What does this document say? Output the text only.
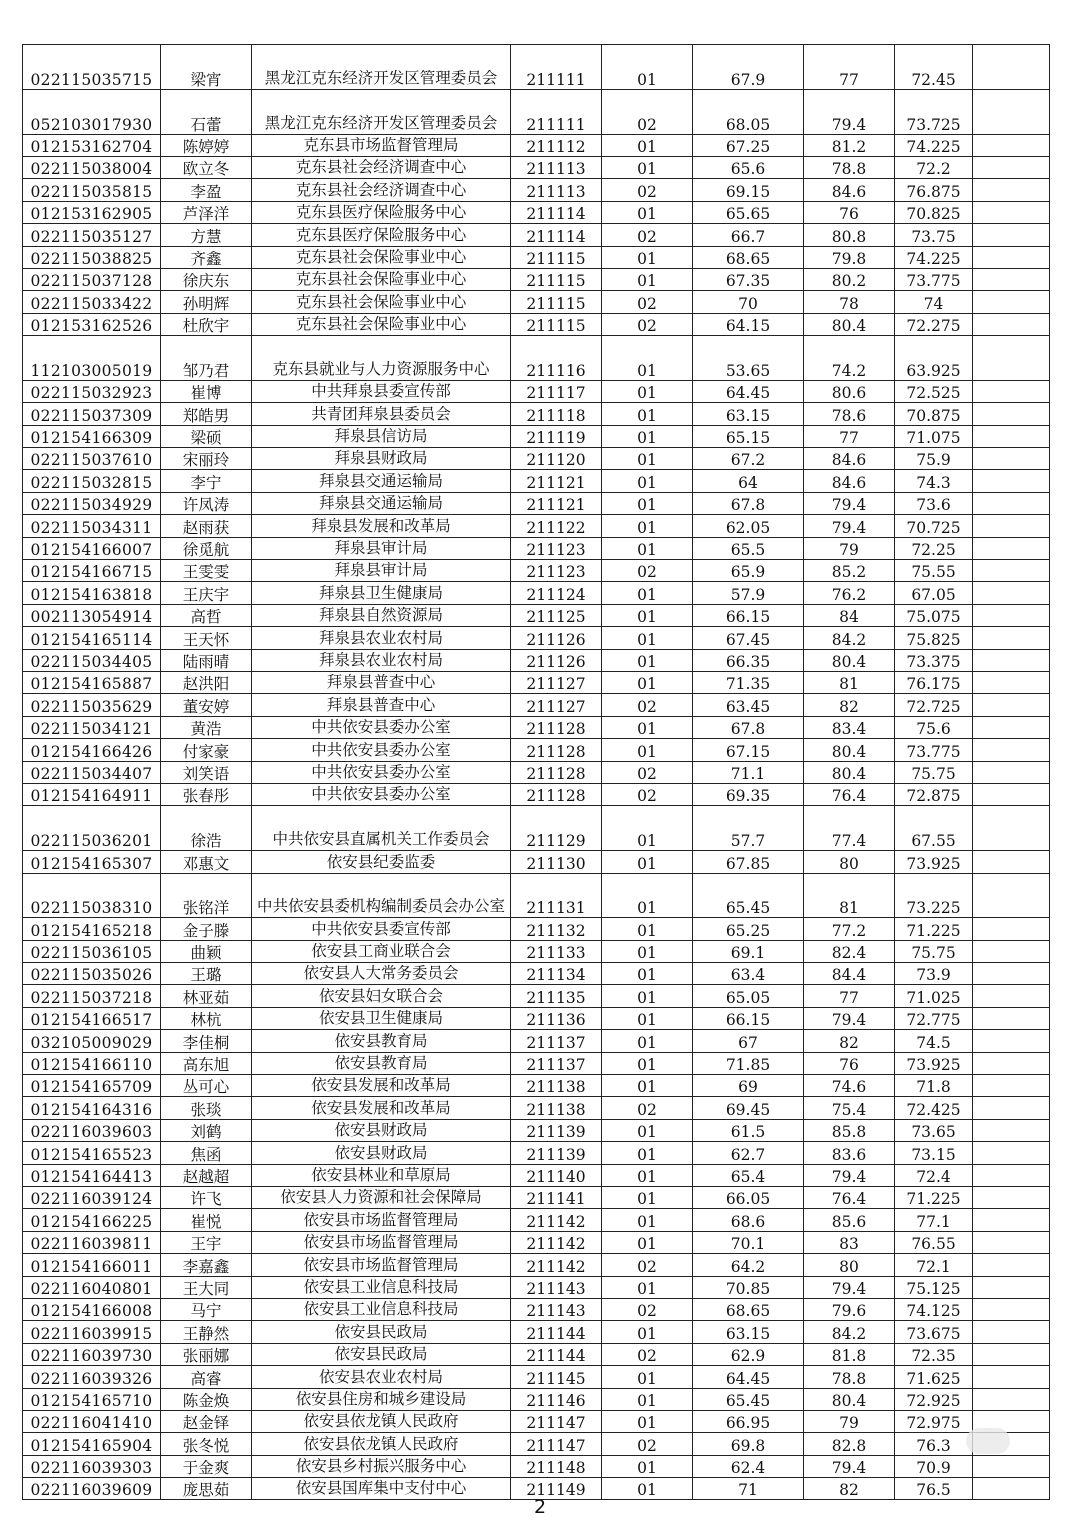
022115035715	梁宵	黑龙江克东经济开发区管理委员会	211111	01	67.9	77	72.45	
052103017930	石蕾	黑龙江克东经济开发区管理委员会	211111	02	68.05	79.4	73.725	
012153162704	陈婷婷	克东县市场监督管理局	211112	01	67.25	81.2	74.225	
022115038004	欧立冬	克东县社会经济调查中心	211113	01	65.6	78.8	72.2	
022115035815	李盈	克东县社会经济调查中心	211113	02	69.15	84.6	76.875	
012153162905	芦泽洋	克东县医疗保险服务中心	211114	01	65.65	76	70.825	
022115035127	方慧	克东县医疗保险服务中心	211114	02	66.7	80.8	73.75	
022115038825	齐鑫	克东县社会保险事业中心	211115	01	68.65	79.8	74.225	
022115037128	徐庆东	克东县社会保险事业中心	211115	01	67.35	80.2	73.775	
022115033422	孙明辉	克东县社会保险事业中心	211115	02	70	78	74	
012153162526	杜欣宇	克东县社会保险事业中心	211115	02	64.15	80.4	72.275	
112103005019	邹乃君	克东县就业与人力资源服务中心	211116	01	53.65	74.2	63.925	
022115032923	崔博	中共拜泉县委宣传部	211117	01	64.45	80.6	72.525	
022115037309	郑皓男	共青团拜泉县委员会	211118	01	63.15	78.6	70.875	
012154166309	梁硕	拜泉县信访局	211119	01	65.15	77	71.075	
022115037610	宋丽玲	拜泉县财政局	211120	01	67.2	84.6	75.9	
022115032815	李宁	拜泉县交通运输局	211121	01	64	84.6	74.3	
022115034929	许凤涛	拜泉县交通运输局	211121	01	67.8	79.4	73.6	
022115034311	赵雨获	拜泉县发展和改革局	211122	01	62.05	79.4	70.725	
012154166007	徐觅航	拜泉县审计局	211123	01	65.5	79	72.25	
012154166715	王雯雯	拜泉县审计局	211123	02	65.9	85.2	75.55	
012154163818	王庆宇	拜泉县卫生健康局	211124	01	57.9	76.2	67.05	
002113054914	高哲	拜泉县自然资源局	211125	01	66.15	84	75.075	
012154165114	王天怀	拜泉县农业农村局	211126	01	67.45	84.2	75.825	
022115034405	陆雨晴	拜泉县农业农村局	211126	01	66.35	80.4	73.375	
012154165887	赵洪阳	拜泉县普查中心	211127	01	71.35	81	76.175	
022115035629	董安婷	拜泉县普查中心	211127	02	63.45	82	72.725	
022115034121	黄浩	中共依安县委办公室	211128	01	67.8	83.4	75.6	
012154166426	付家豪	中共依安县委办公室	211128	01	67.15	80.4	73.775	
022115034407	刘笑语	中共依安县委办公室	211128	02	71.1	80.4	75.75	
012154164911	张春彤	中共依安县委办公室	211128	02	69.35	76.4	72.875	
022115036201	徐浩	中共依安县直属机关工作委员会	211129	01	57.7	77.4	67.55	
012154165307	邓惠文	依安县纪委监委	211130	01	67.85	80	73.925	
022115038310	张铭洋	中共依安县委机构编制委员会办公室	211131	01	65.45	81	73.225	
012154165218	金子滕	中共依安县委宣传部	211132	01	65.25	77.2	71.225	
022115036105	曲颖	依安县工商业联合会	211133	01	69.1	82.4	75.75	
022115035026	王璐	依安县人大常务委员会	211134	01	63.4	84.4	73.9	
022115037218	林亚茹	依安县妇女联合会	211135	01	65.05	77	71.025	
012154166517	林杭	依安县卫生健康局	211136	01	66.15	79.4	72.775	
032105009029	李佳桐	依安县教育局	211137	01	67	82	74.5	
012154166110	高东旭	依安县教育局	211137	01	71.85	76	73.925	
012154165709	丛可心	依安县发展和改革局	211138	01	69	74.6	71.8	
012154164316	张琰	依安县发展和改革局	211138	02	69.45	75.4	72.425	
022116039603	刘鹤	依安县财政局	211139	01	61.5	85.8	73.65	
012154165523	焦函	依安县财政局	211139	01	62.7	83.6	73.15	
012154164413	赵越超	依安县林业和草原局	211140	01	65.4	79.4	72.4	
022116039124	许飞	依安县人力资源和社会保障局	211141	01	66.05	76.4	71.225	
012154166225	崔悦	依安县市场监督管理局	211142	01	68.6	85.6	77.1	
022116039811	王宇	依安县市场监督管理局	211142	01	70.1	83	76.55	
012154166011	李嘉鑫	依安县市场监督管理局	211142	02	64.2	80	72.1	
022116040801	王大同	依安县工业信息科技局	211143	01	70.85	79.4	75.125	
012154166008	马宁	依安县工业信息科技局	211143	02	68.65	79.6	74.125	
022116039915	王静然	依安县民政局	211144	01	63.15	84.2	73.675	
022116039730	张丽娜	依安县民政局	211144	02	62.9	81.8	72.35	
022116039326	高睿	依安县农业农村局	211145	01	64.45	78.8	71.625	
012154165710	陈金焕	依安县住房和城乡建设局	211146	01	65.45	80.4	72.925	
022116041410	赵金铎	依安县依龙镇人民政府	211147	01	66.95	79	72.975	
012154165904	张冬悦	依安县依龙镇人民政府	211147	02	69.8	82.8	76.3	
022116039303	于金爽	依安县乡村振兴服务中心	211148	01	62.4	79.4	70.9	
022116039609	庞思茹	依安县国库集中支付中心	211149	01	71	82	76.5	
2
